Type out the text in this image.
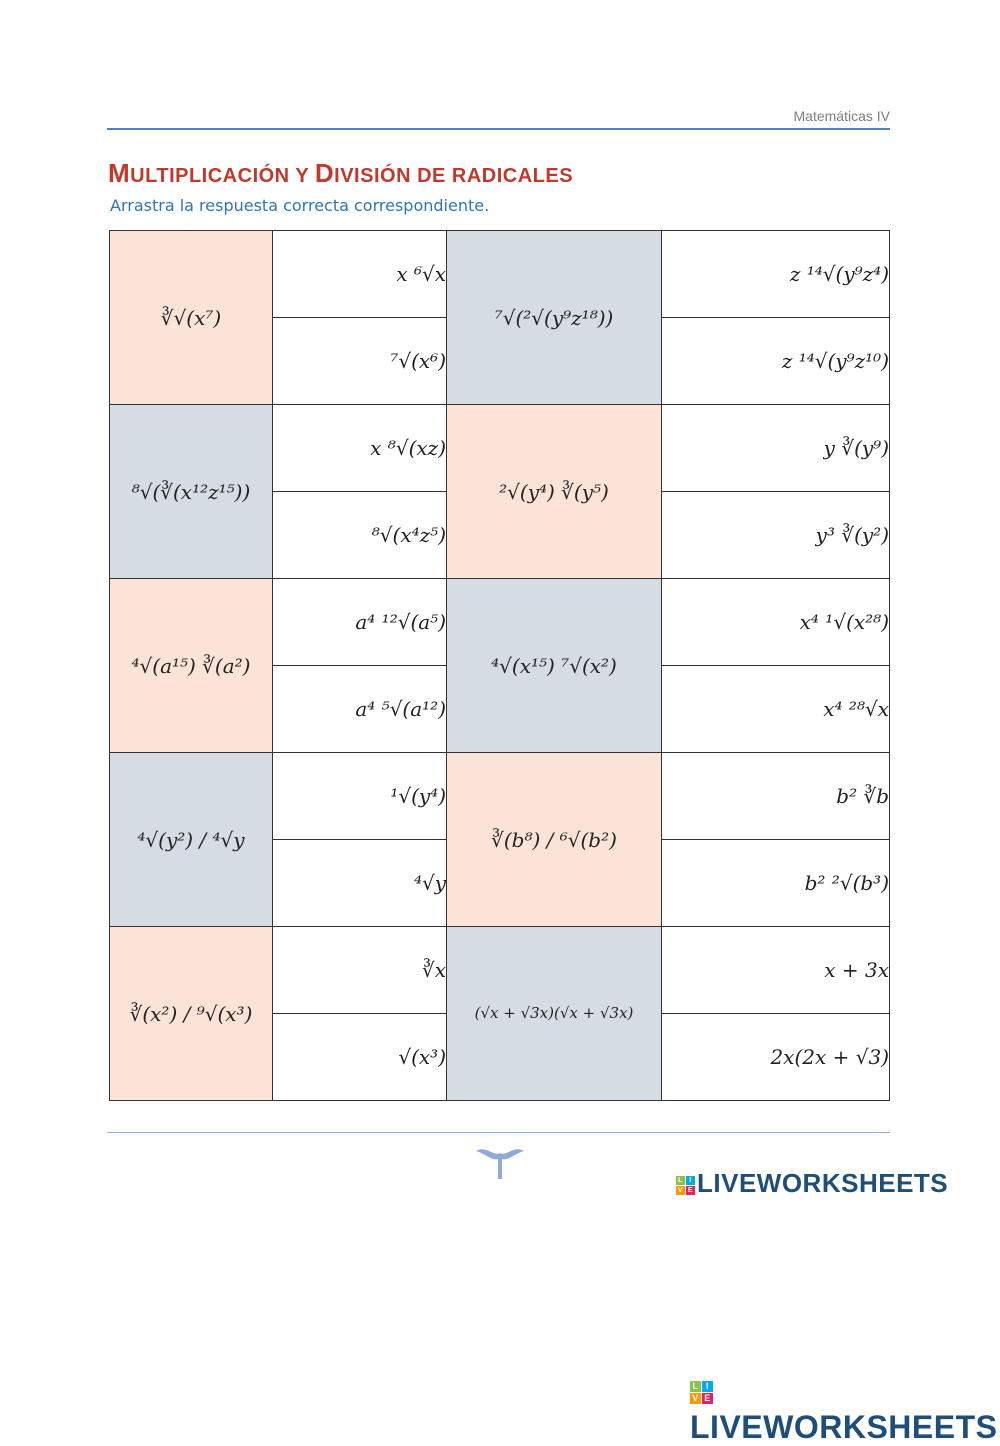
Matemáticas IV
MULTIPLICACIÓN Y DIVISIÓN DE RADICALES
Arrastra la respuesta correcta correspondiente.
∛√(x⁷)	x ⁶√x	⁷√(²√(y⁹z¹⁸))	z ¹⁴√(y⁹z⁴)
	⁷√(x⁶)		z ¹⁴√(y⁹z¹⁰)
⁸√(∛(x¹²z¹⁵))	x ⁸√(xz)	²√(y⁴) ∛(y⁵)	y ∛(y⁹)
	⁸√(x⁴z⁵)		y³ ∛(y²)
⁴√(a¹⁵) ∛(a²)	a⁴ ¹²√(a⁵)	⁴√(x¹⁵) ⁷√(x²)	x⁴ ¹√(x²⁸)
	a⁴ ⁵√(a¹²)		x⁴ ²⁸√x
⁴√(y²) / ⁴√y	¹√(y⁴)	∛(b⁸) / ⁶√(b²)	b² ∛b
	⁴√y		b² ²√(b³)
∛(x²) / ⁹√(x³)	∛x	(√x + √3x)(√x + √3x)	x + 3x
	√(x³)		2x(2x + √3)
L I
V E LIVEWORKSHEETS
L I
V E
LIVEWORKSHEETS
